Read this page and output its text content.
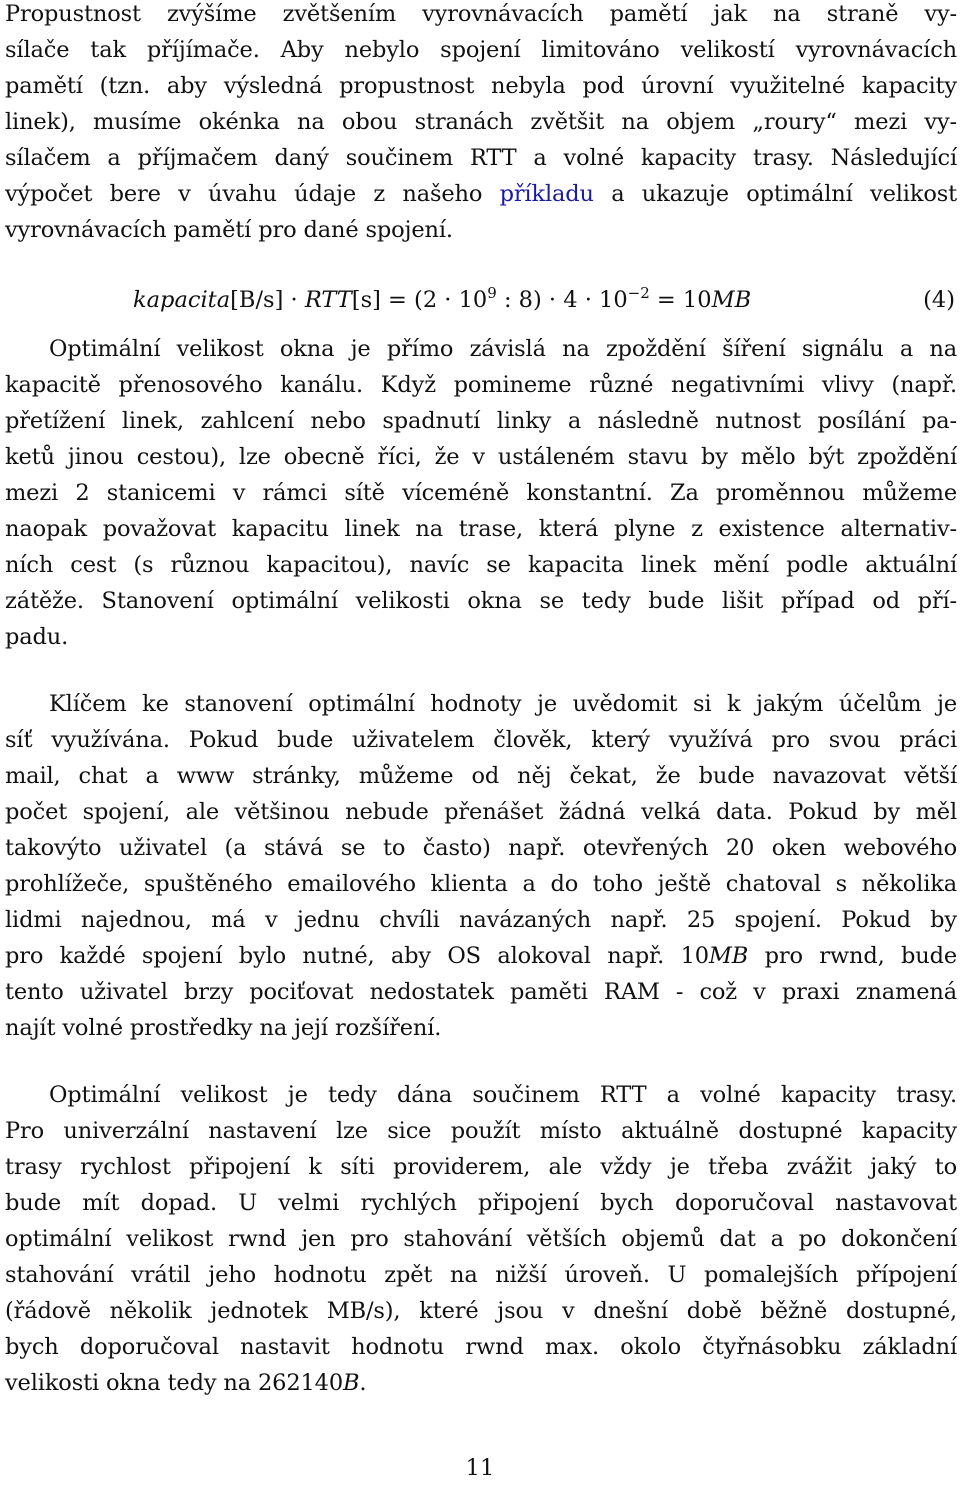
Propustnost zvýšíme zvětšením vyrovnávacích pamětí jak na straně vy-
sílače tak příjímače. Aby nebylo spojení limitováno velikostí vyrovnávacích
pamětí (tzn. aby výsledná propustnost nebyla pod úrovní využitelné kapacity
linek), musíme okénka na obou stranách zvětšit na objem „roury“ mezi vy-
sílačem a příjmačem daný součinem RTT a volné kapacity trasy. Následující
výpočet bere v úvahu údaje z našeho příkladu a ukazuje optimální velikost
vyrovnávacích pamětí pro dané spojení.
kapacita[B/s] · $RTT[s] = (2 \cdot 10^9$ : $8) \cdot 4 \cdot 10^{-2} = 10MB$	(4)
Optimální velikost okna je přímo závislá na zpoždění šíření signálu a na
kapacitě přenosového kanálu. Když pomineme různé negativními vlivy (např.
přetížení linek, zahlcení nebo spadnutí linky a následně nutnost posílání pa-
ketů jinou cestou), lze obecně říci, že v ustáleném stavu by mělo být zpoždění
mezi 2 stanicemi v rámci sítě víceméně konstantní. Za proměnnou můžeme
naopak považovat kapacitu linek na trase, která plyne z existence alternativ-
ních cest (s různou kapacitou), navíc se kapacita linek mění podle aktuální
zátěže. Stanovení optimální velikosti okna se tedy bude lišit případ od pří-
padu.
Klíčem ke stanovení optimální hodnoty je uvědomit si k jakým účelům je
síť využívána. Pokud bude uživatelem člověk, který využívá pro svou práci
mail, chat a www stránky, můžeme od něj čekat, že bude navazovat větší
počet spojení, ale většinou nebude přenášet žádná velká data. Pokud by měl
takovýto uživatel (a stává se to často) např. otevřených 20 oken webového
prohlížeče, spuštěného emailového klienta a do toho ještě chatoval s několika
lidmi najednou, má v jednu chvíli navázaných např. 25 spojení. Pokud by
pro každé spojení bylo nutné, aby OS alokoval např. 10MB pro rwnd, bude
tento uživatel brzy pociťovat nedostatek paměti RAM - což v praxi znamená
najít volné prostředky na její rozšíření.
Optimální velikost je tedy dána součinem RTT a volné kapacity trasy.
Pro univerzální nastavení lze sice použít místo aktuálně dostupné kapacity
trasy rychlost připojení k síti providerem, ale vždy je třeba zvážit jaký to
bude mít dopad. U velmi rychlých připojení bych doporučoval nastavovat
optimální velikost rwnd jen pro stahování větších objemů dat a po dokončení
stahování vrátil jeho hodnotu zpět na nižší úroveň. U pomalejších přípojení
(řádově několik jednotek MB/s), které jsou v dnešní době běžně dostupné,
bych doporučoval nastavit hodnotu rwnd max. okolo čtyřnásobku základní
velikosti okna tedy na 262140B.
11
